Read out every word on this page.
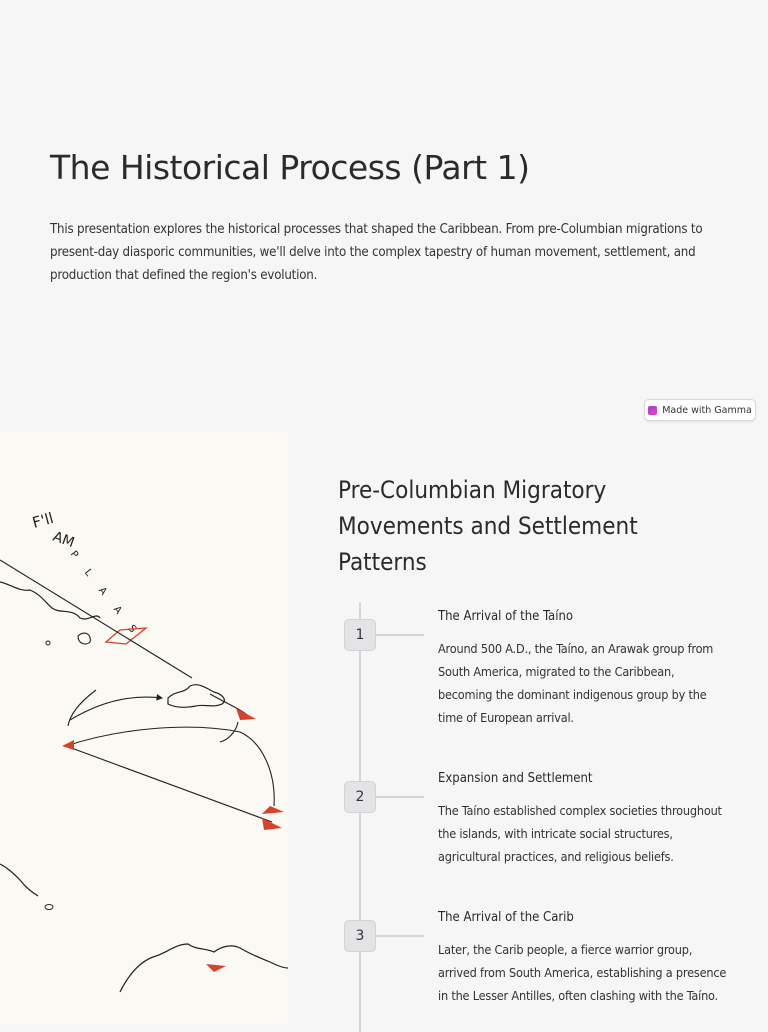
The Historical Process (Part 1)

This presentation explores the historical processes that shaped the Caribbean. From pre-Columbian migrations to present-day diasporic communities, we'll delve into the complex tapestry of human movement, settlement, and production that defined the region's evolution.

Made with Gamma
F'll
AM
P L A A S
Pre-Columbian Migratory Movements and Settlement Patterns
1
The Arrival of the Taíno

Around 500 A.D., the Taíno, an Arawak group from South America, migrated to the Caribbean, becoming the dominant indigenous group by the time of European arrival.

2
Expansion and Settlement

The Taíno established complex societies throughout the islands, with intricate social structures, agricultural practices, and religious beliefs.

3
The Arrival of the Carib

Later, the Carib people, a fierce warrior group, arrived from South America, establishing a presence in the Lesser Antilles, often clashing with the Taíno.
